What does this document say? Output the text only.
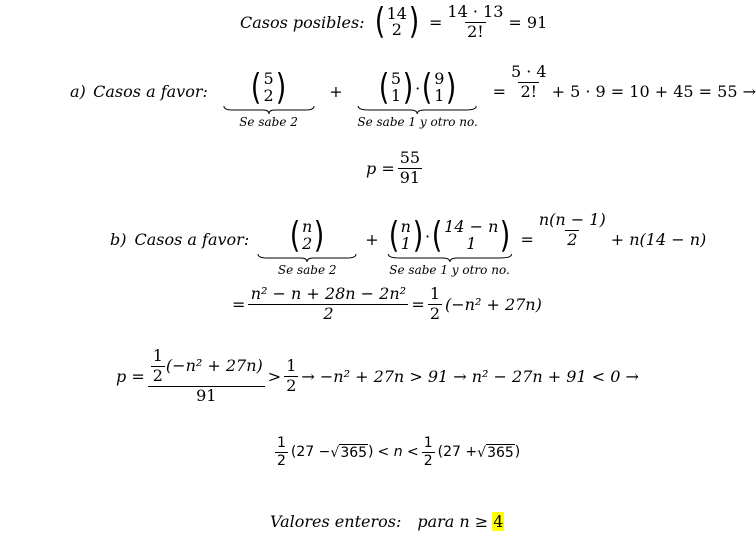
Casos posibles: ( 14
2 ) = $\frac{14 \cdot 13}{2!} = 91$
a) Casos a favor: ( 5
2 )
Se sabe 2
+ ( 5
1 ) · ( 9
1 )
Se sabe 1 y otro no.
= $\frac{5 \cdot 4}{2!} + 5 \cdot 9 = 10 + 45 = 55$ →
$p = \frac{55}{91}$
b) Casos a favor: ( n
2 )
Se sabe 2
+ ( n
1 ) · ( 14 − n
1 )
Se sabe 1 y otro no.
= $\frac{n(n - 1)}{2} + n(14 - n)$
= $\frac{\text{n² − n + 28n − 2n²}}{2} = \frac{1}{2} (-n^2 + 27n)$
$p = \frac{\frac{1}{2} (-n^2 + 27n)}{91} > \frac{1}{2} \to -n^2 + 27n > 91 \to n^2 - 27n + 91 < 0$ →
$\frac{1}{2} (27$ − √ 365 ) < $n < \frac{1}{2} (27$ + √ 365 )
Valores enteros: para n ≥ 4
